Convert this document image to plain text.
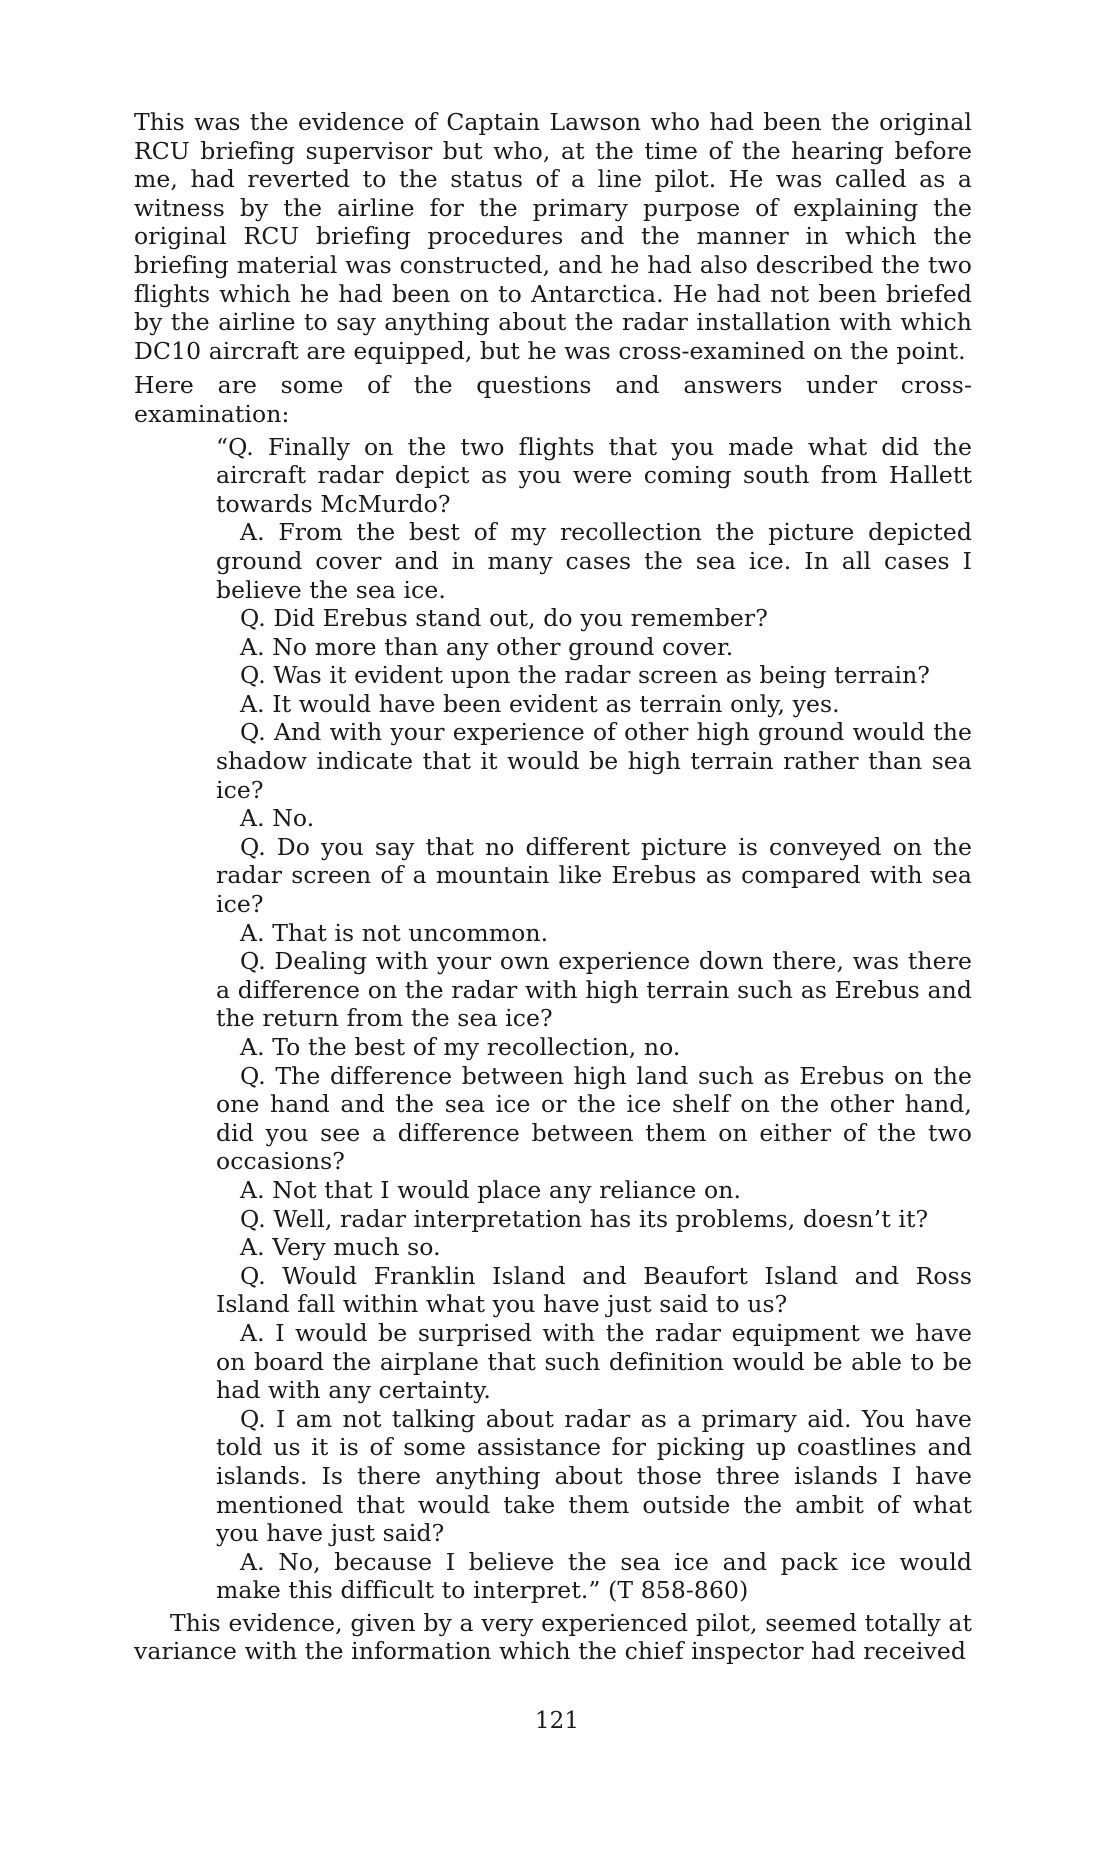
This was the evidence of Captain Lawson who had been the original RCU briefing supervisor but who, at the time of the hearing before me, had reverted to the status of a line pilot. He was called as a witness by the airline for the primary purpose of explaining the original RCU briefing procedures and the manner in which the briefing material was constructed, and he had also described the two flights which he had been on to Antarctica. He had not been briefed by the airline to say anything about the radar installation with which DC10 aircraft are equipped, but he was cross-examined on the point.

Here are some of the questions and answers under cross-examination:

“Q. Finally on the two flights that you made what did the aircraft radar depict as you were coming south from Hallett towards McMurdo?

A. From the best of my recollection the picture depicted ground cover and in many cases the sea ice. In all cases I believe the sea ice.

Q. Did Erebus stand out, do you remember?

A. No more than any other ground cover.

Q. Was it evident upon the radar screen as being terrain?

A. It would have been evident as terrain only, yes.

Q. And with your experience of other high ground would the shadow indicate that it would be high terrain rather than sea ice?

A. No.

Q. Do you say that no different picture is conveyed on the radar screen of a mountain like Erebus as compared with sea ice?

A. That is not uncommon.

Q. Dealing with your own experience down there, was there a difference on the radar with high terrain such as Erebus and the return from the sea ice?

A. To the best of my recollection, no.

Q. The difference between high land such as Erebus on the one hand and the sea ice or the ice shelf on the other hand, did you see a difference between them on either of the two occasions?

A. Not that I would place any reliance on.

Q. Well, radar interpretation has its problems, doesn’t it?

A. Very much so.

Q. Would Franklin Island and Beaufort Island and Ross Island fall within what you have just said to us?

A. I would be surprised with the radar equipment we have on board the airplane that such definition would be able to be had with any certainty.

Q. I am not talking about radar as a primary aid. You have told us it is of some assistance for picking up coastlines and islands. Is there anything about those three islands I have mentioned that would take them outside the ambit of what you have just said?

A. No, because I believe the sea ice and pack ice would make this difficult to interpret.” (T 858-860)

This evidence, given by a very experienced pilot, seemed totally at variance with the information which the chief inspector had received

121
